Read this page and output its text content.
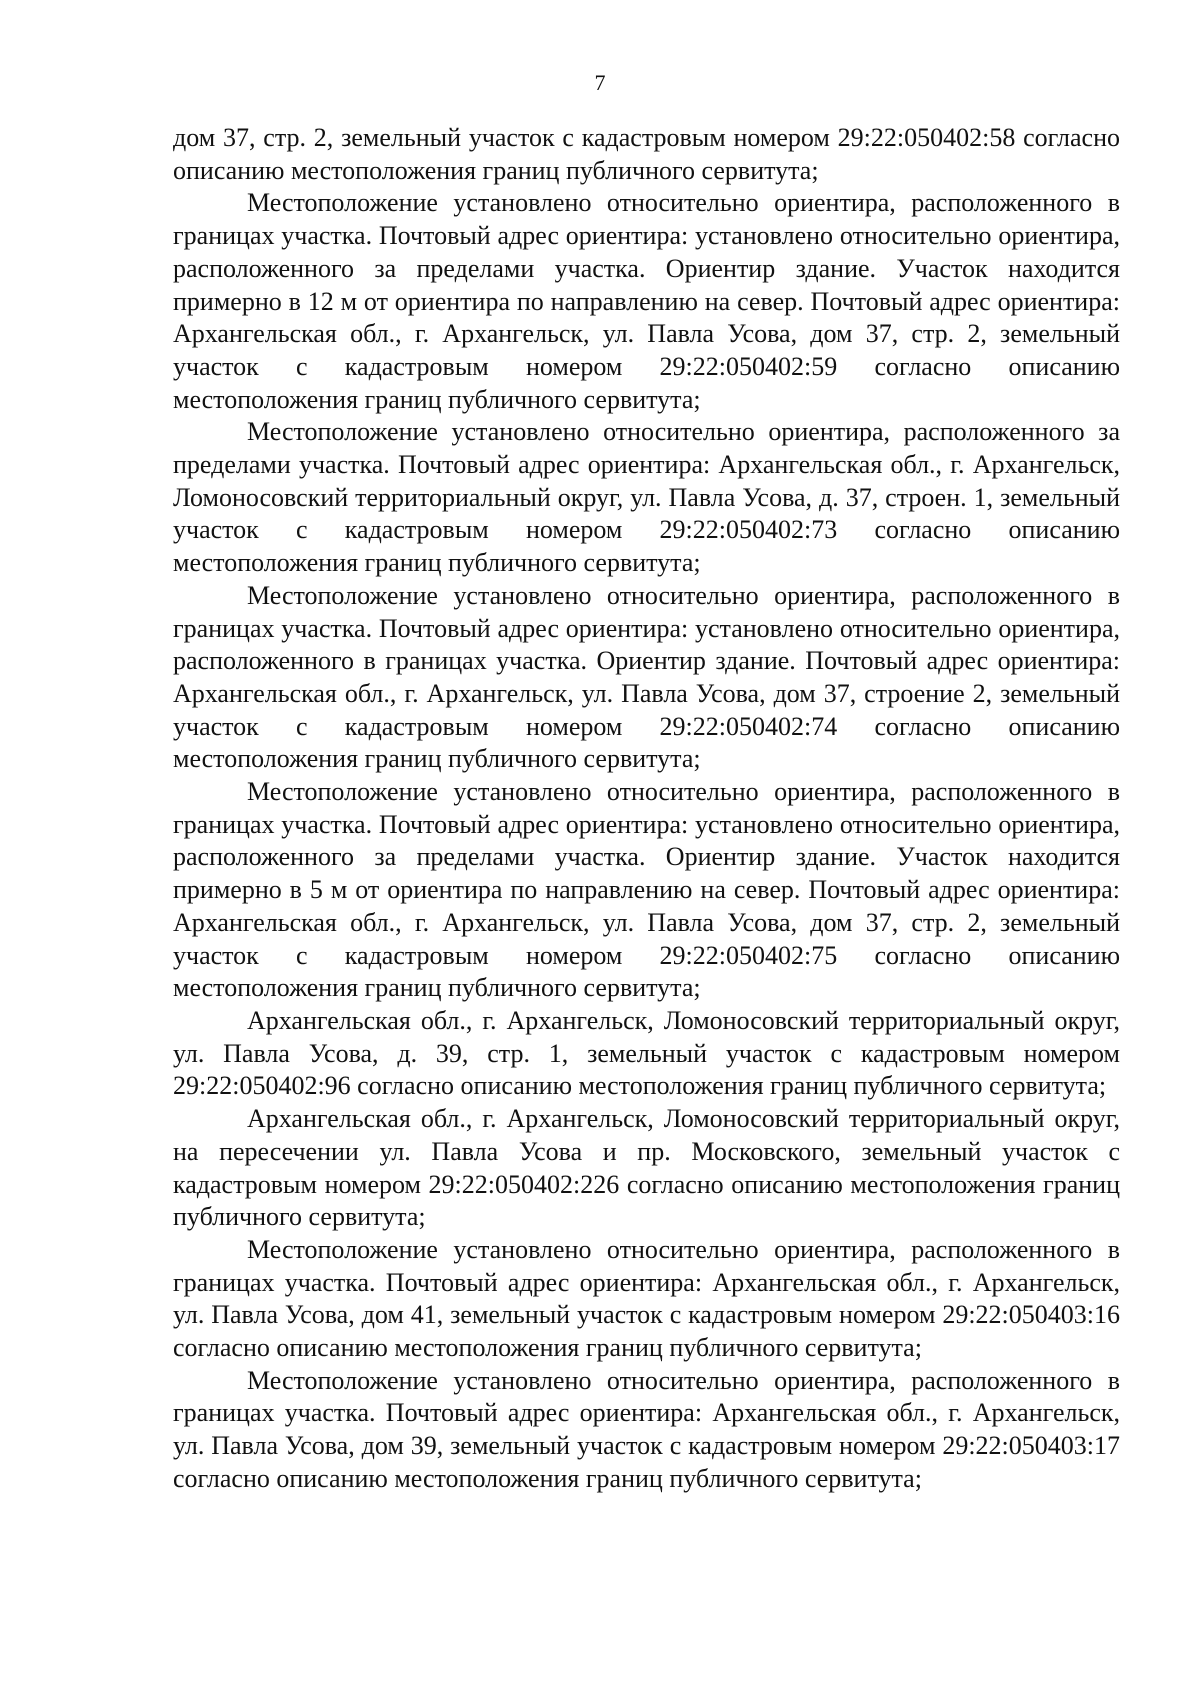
7

дом 37, стр. 2, земельный участок с кадастровым номером 29:22:050402:58 согласно описанию местоположения границ публичного сервитута;

Местоположение установлено относительно ориентира, расположенного в границах участка. Почтовый адрес ориентира: установлено относительно ориентира, расположенного за пределами участка. Ориентир здание. Участок находится примерно в 12 м от ориентира по направлению на север. Почтовый адрес ориентира: Архангельская обл., г. Архангельск, ул. Павла Усова, дом 37, стр. 2, земельный участок с кадастровым номером 29:22:050402:59 согласно описанию местоположения границ публичного сервитута;

Местоположение установлено относительно ориентира, расположенного за пределами участка. Почтовый адрес ориентира: Архангельская обл., г. Архангельск, Ломоносовский территориальный округ, ул. Павла Усова, д. 37, строен. 1, земельный участок с кадастровым номером 29:22:050402:73 согласно описанию местоположения границ публичного сервитута;

Местоположение установлено относительно ориентира, расположенного в границах участка. Почтовый адрес ориентира: установлено относительно ориентира, расположенного в границах участка. Ориентир здание. Почтовый адрес ориентира: Архангельская обл., г. Архангельск, ул. Павла Усова, дом 37, строение 2, земельный участок с кадастровым номером 29:22:050402:74 согласно описанию местоположения границ публичного сервитута;

Местоположение установлено относительно ориентира, расположенного в границах участка. Почтовый адрес ориентира: установлено относительно ориентира, расположенного за пределами участка. Ориентир здание. Участок находится примерно в 5 м от ориентира по направлению на север. Почтовый адрес ориентира: Архангельская обл., г. Архангельск, ул. Павла Усова, дом 37, стр. 2, земельный участок с кадастровым номером 29:22:050402:75 согласно описанию местоположения границ публичного сервитута;

Архангельская обл., г. Архангельск, Ломоносовский территориальный округ, ул. Павла Усова, д. 39, стр. 1, земельный участок с кадастровым номером 29:22:050402:96 согласно описанию местоположения границ публичного сервитута;

Архангельская обл., г. Архангельск, Ломоносовский территориальный округ, на пересечении ул. Павла Усова и пр. Московского, земельный участок с кадастровым номером 29:22:050402:226 согласно описанию местоположения границ публичного сервитута;

Местоположение установлено относительно ориентира, расположенного в границах участка. Почтовый адрес ориентира: Архангельская обл., г. Архангельск, ул. Павла Усова, дом 41, земельный участок с кадастровым номером 29:22:050403:16 согласно описанию местоположения границ публичного сервитута;

Местоположение установлено относительно ориентира, расположенного в границах участка. Почтовый адрес ориентира: Архангельская обл., г. Архангельск, ул. Павла Усова, дом 39, земельный участок с кадастровым номером 29:22:050403:17 согласно описанию местоположения границ публичного сервитута;
